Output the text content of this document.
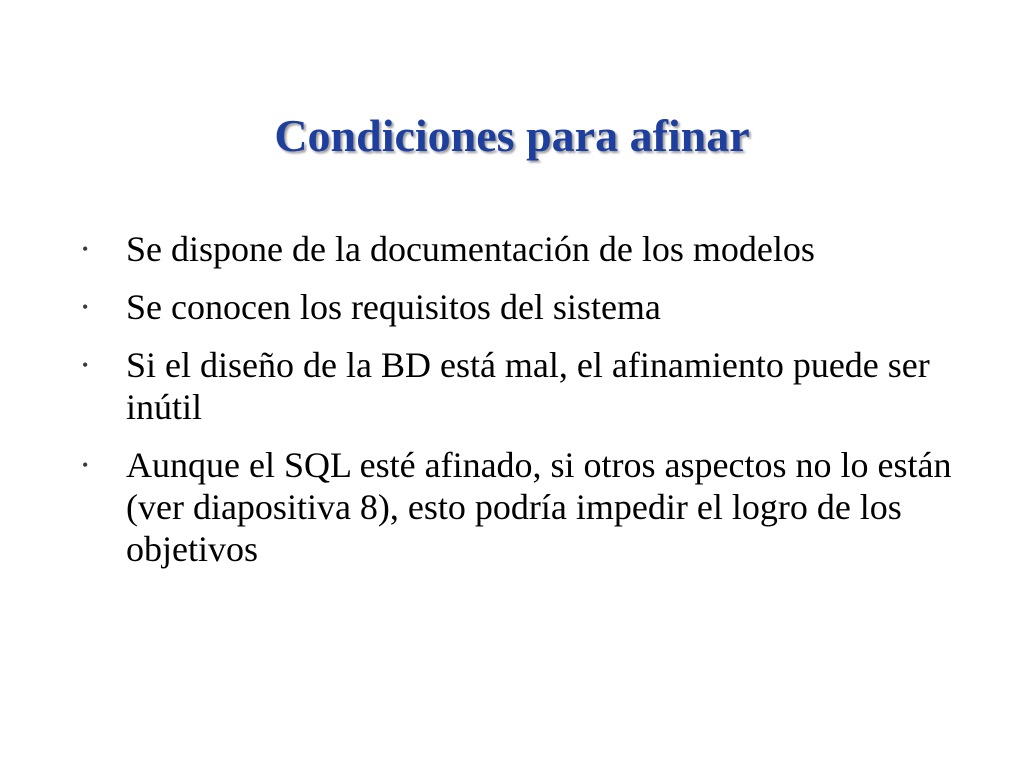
Condiciones para afinar
• Se dispone de la documentación de los modelos
• Se conocen los requisitos del sistema
• Si el diseño de la BD está mal, el afinamiento puede ser inútil
• Aunque el SQL esté afinado, si otros aspectos no lo están (ver diapositiva 8), esto podría impedir el logro de los objetivos
